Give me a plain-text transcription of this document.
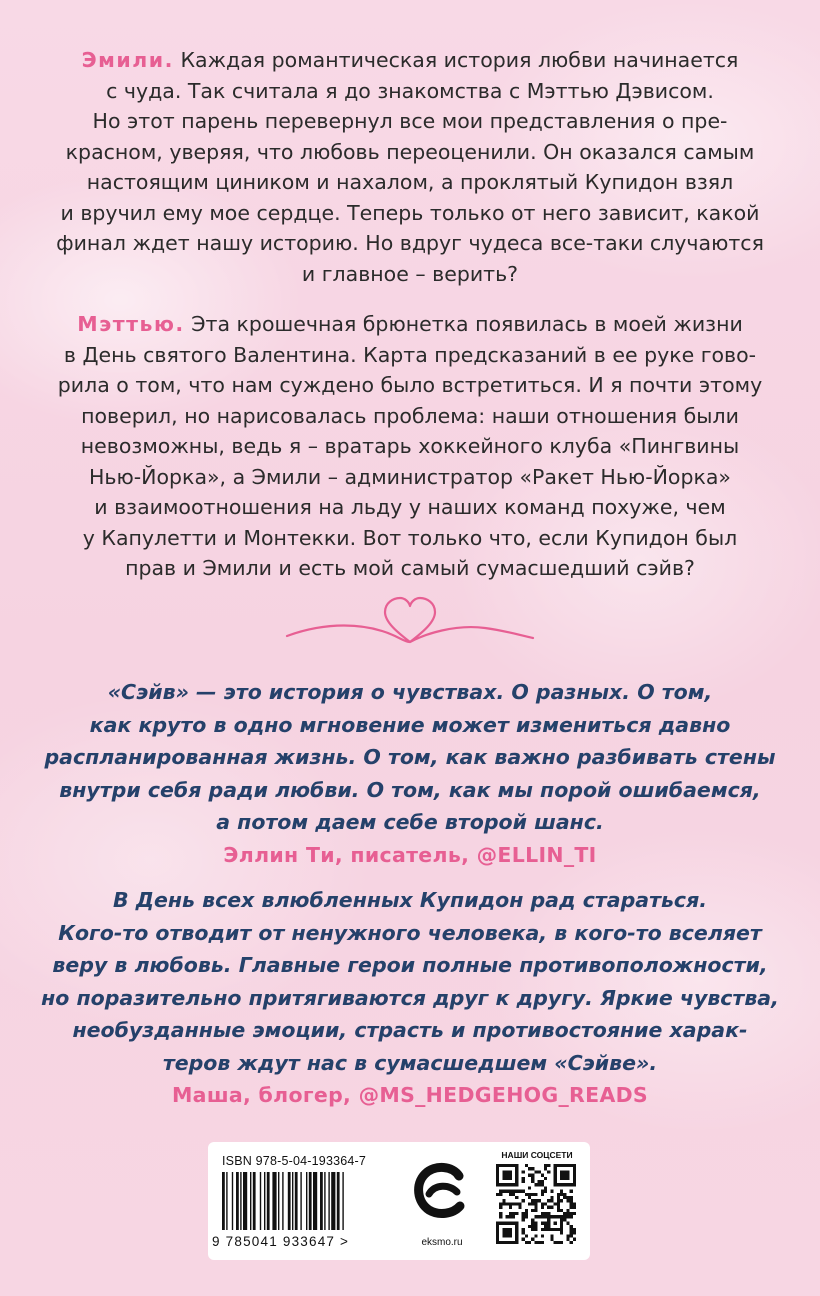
Эмили. Каждая романтическая история любви начинается
с чуда. Так считала я до знакомства с Мэттью Дэвисом.
Но этот парень перевернул все мои представления о пре-
красном, уверяя, что любовь переоценили. Он оказался самым
настоящим циником и нахалом, а проклятый Купидон взял
и вручил ему мое сердце. Теперь только от него зависит, какой
финал ждет нашу историю. Но вдруг чудеса все-таки случаются
и главное – верить?
Мэттью. Эта крошечная брюнетка появилась в моей жизни
в День святого Валентина. Карта предсказаний в ее руке гово-
рила о том, что нам суждено было встретиться. И я почти этому
поверил, но нарисовалась проблема: наши отношения были
невозможны, ведь я – вратарь хоккейного клуба «Пингвины
Нью-Йорка», а Эмили – администратор «Ракет Нью-Йорка»
и взаимоотношения на льду у наших команд похуже, чем
у Капулетти и Монтекки. Вот только что, если Купидон был
прав и Эмили и есть мой самый сумасшедший сэйв?
«Сэйв» — это история о чувствах. О разных. О том,
как круто в одно мгновение может измениться давно
распланированная жизнь. О том, как важно разбивать стены
внутри себя ради любви. О том, как мы порой ошибаемся,
а потом даем себе второй шанс.
Эллин Ти, писатель, @ELLIN_TI
В День всех влюбленных Купидон рад стараться.
Кого-то отводит от ненужного человека, в кого-то вселяет
веру в любовь. Главные герои полные противоположности,
но поразительно притягиваются друг к другу. Яркие чувства,
необузданные эмоции, страсть и противостояние харак-
теров ждут нас в сумасшедшем «Сэйве».
Маша, блогер, @MS_HEDGEHOG_READS
ISBN 978-5-04-193364-7
9 785041 933647 >	eksmo.ru
НАШИ СОЦСЕТИ
